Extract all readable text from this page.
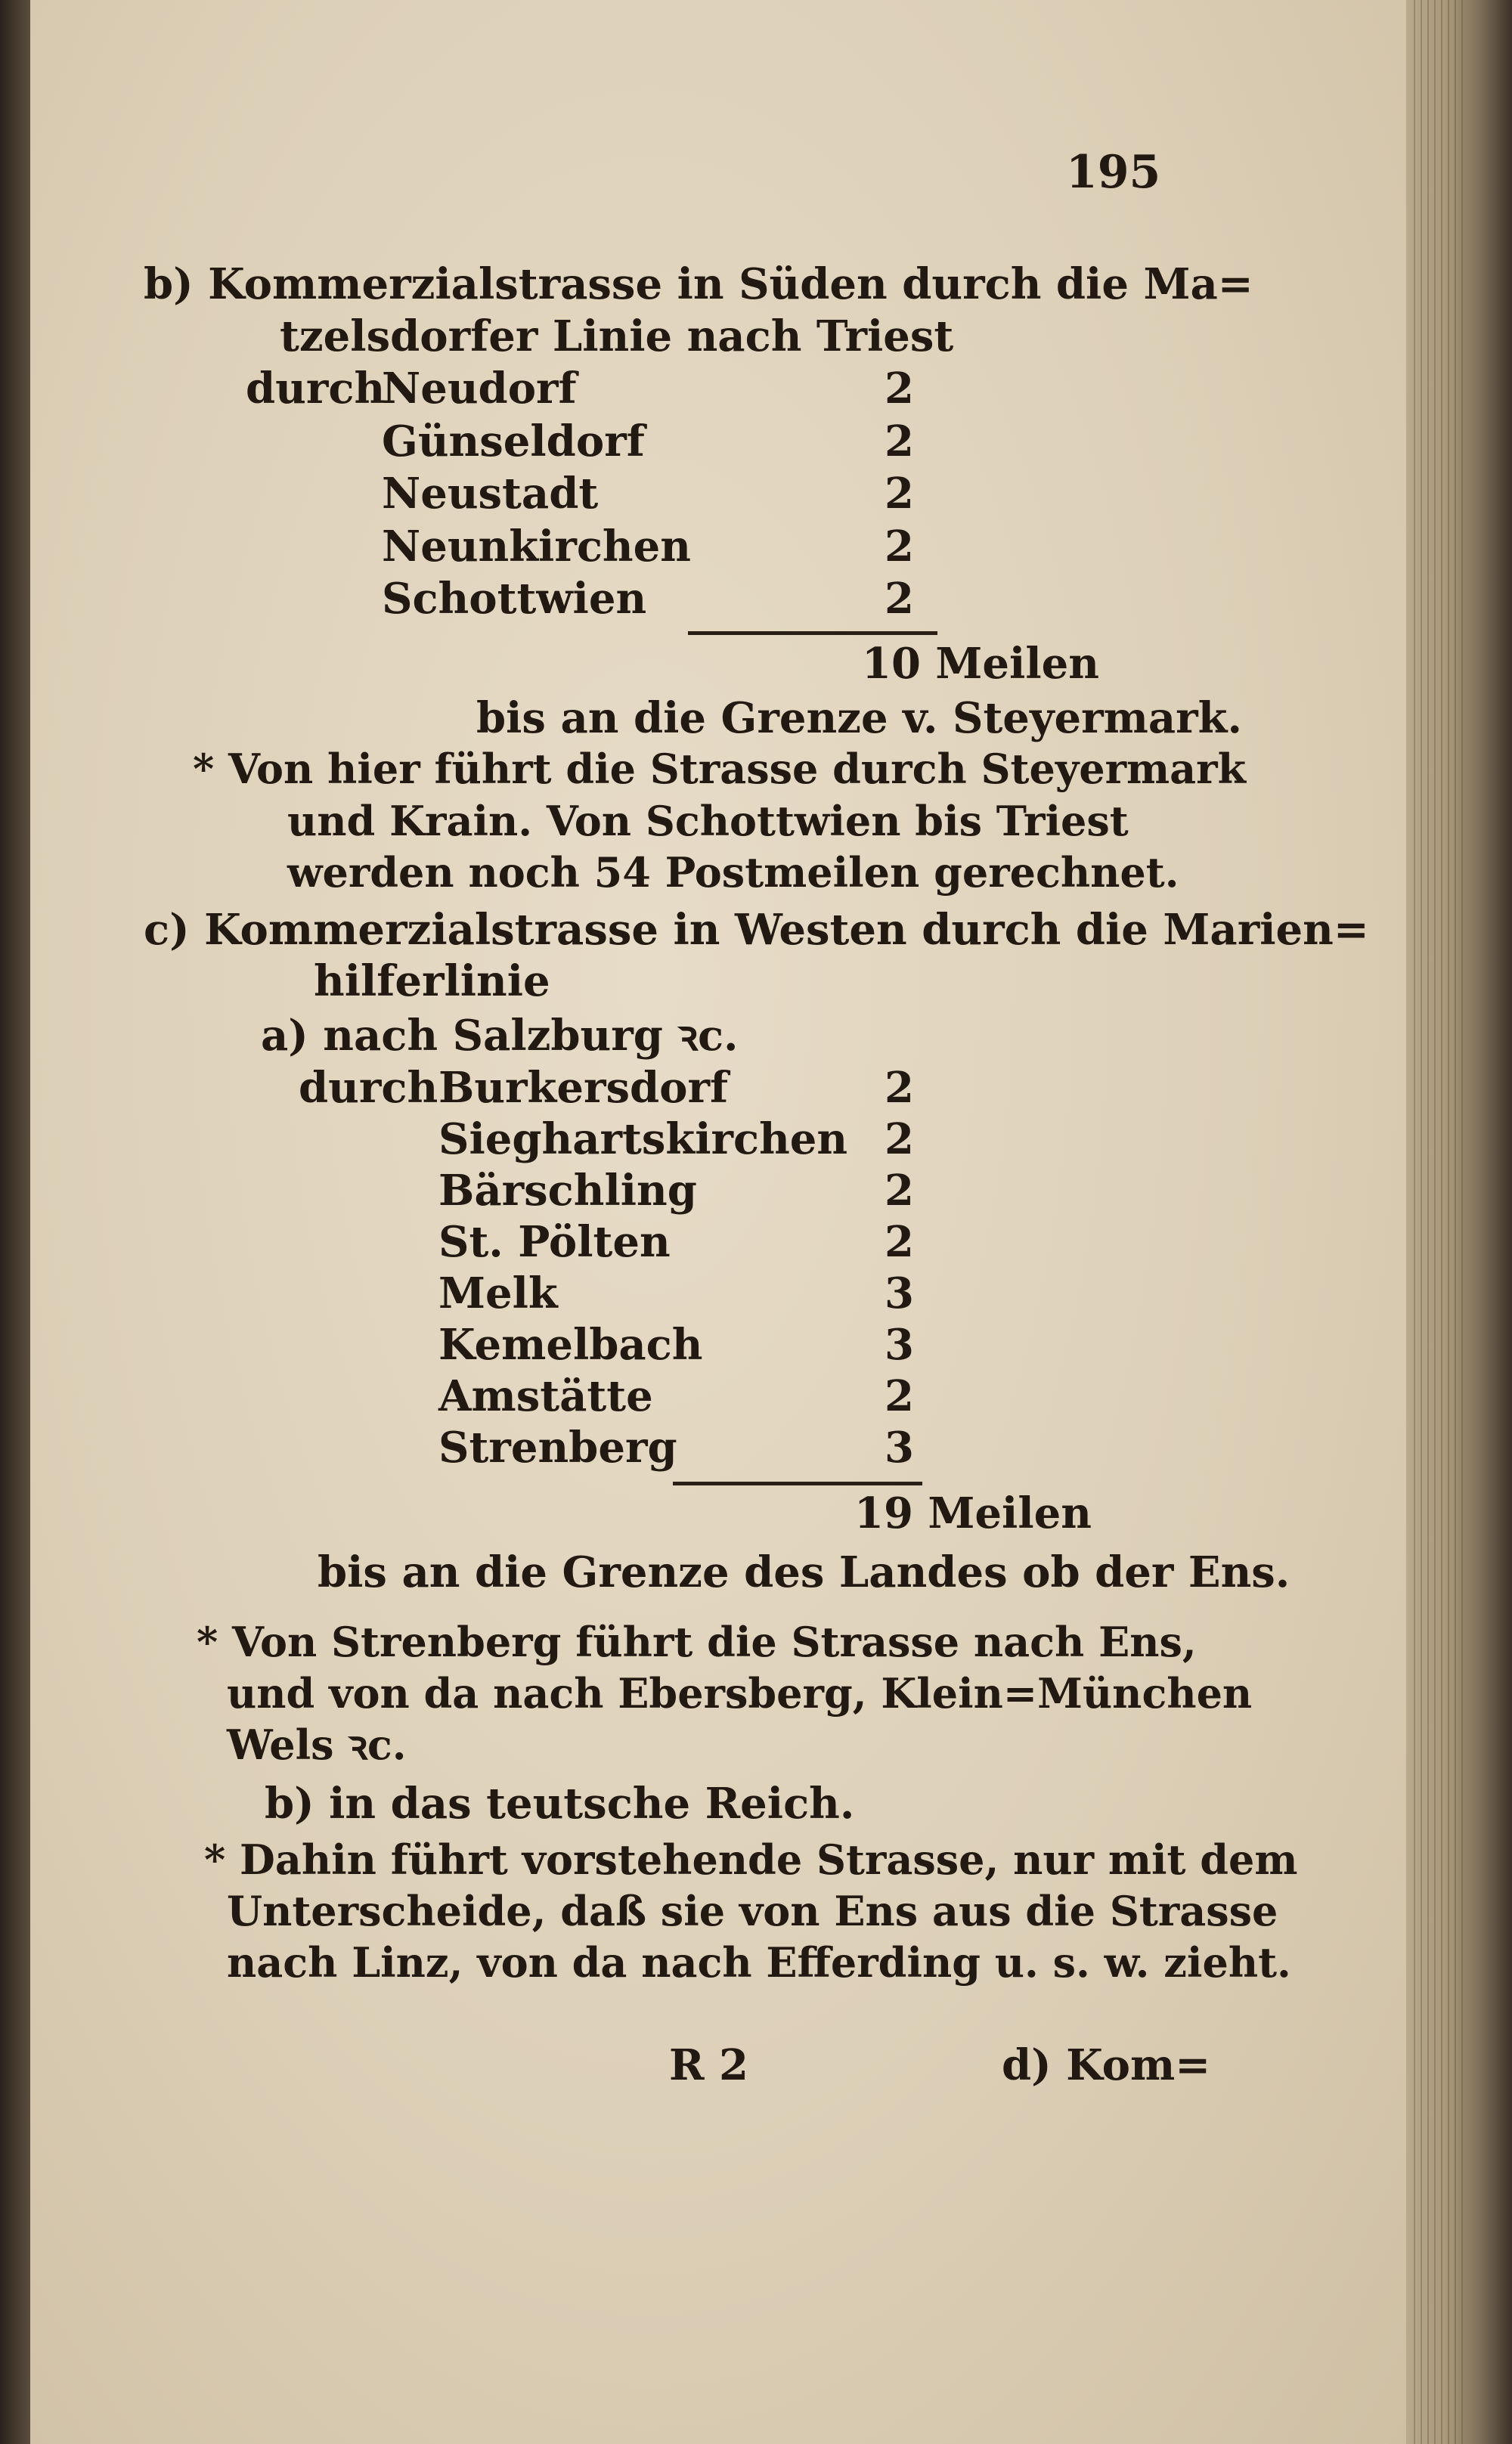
195
b) Kommerzialstrasse in Süden durch die Ma=
tzelsdorfer Linie nach Triest
durch
Neudorf	2
Günseldorf	2
Neustadt	2
Neunkirchen	2
Schottwien	2
10 Meilen
bis an die Grenze v. Steyermark.
* Von hier führt die Strasse durch Steyermark
und Krain. Von Schottwien bis Triest
werden noch 54 Postmeilen gerechnet.
c) Kommerzialstrasse in Westen durch die Marien=
hilferlinie
a) nach Salzburg ꝛc.
durch Burkersdorf	2
Sieghartskirchen 2
Bärschling	2
St. Pölten	2
Melk	3
Kemelbach	3
Amstätte	2
Strenberg	3
19 Meilen
bis an die Grenze des Landes ob der Ens.
* Von Strenberg führt die Strasse nach Ens,
und von da nach Ebersberg, Klein=München
Wels ꝛc.
b) in das teutsche Reich.
* Dahin führt vorstehende Strasse, nur mit dem
Unterscheide, daß sie von Ens aus die Strasse
nach Linz, von da nach Efferding u. s. w. zieht.
R 2	d) Kom=
